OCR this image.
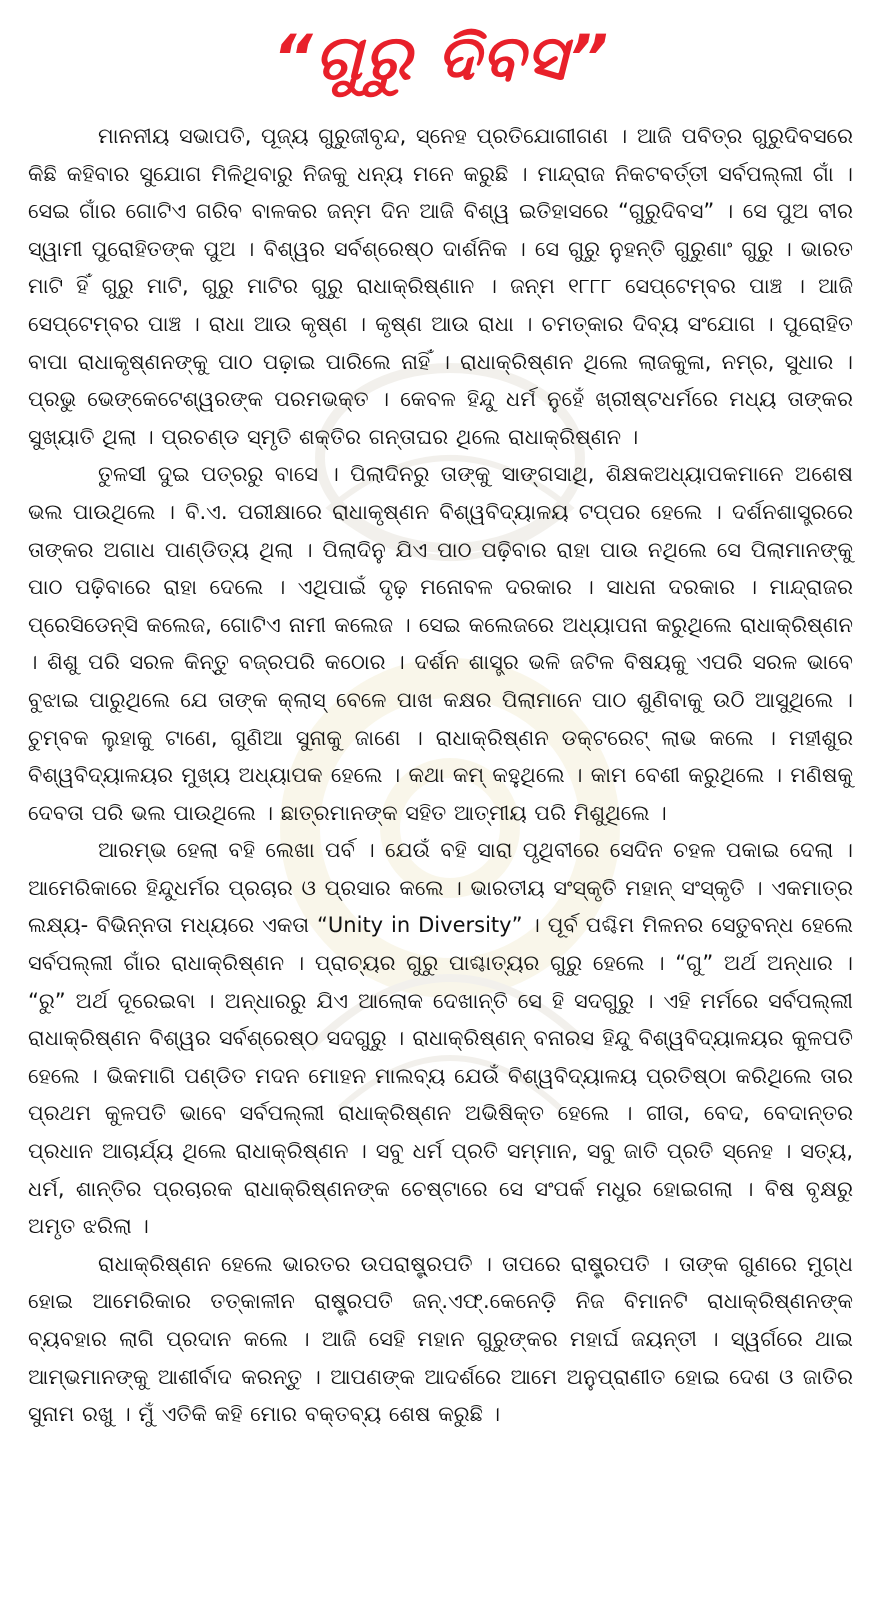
“ଗୁରୁ ଦିବସ”

ମାନନୀୟ ସଭାପତି, ପୂଜ୍ୟ ଗୁରୁଜୀବୃନ୍ଦ, ସ୍ନେହ ପ୍ରତିଯୋଗୀଗଣ । ଆଜି ପବିତ୍ର ଗୁରୁଦିବସରେ କିଛି କହିବାର ସୁଯୋଗ ମିଳିଥିବାରୁ ନିଜକୁ ଧନ୍ୟ ମନେ କରୁଛି । ମାନ୍ଦ୍ରାଜ ନିକଟବର୍ତ୍ତୀ ସର୍ବପଲ୍ଲୀ ଗାଁ । ସେଇ ଗାଁର ଗୋଟିଏ ଗରିବ ବାଳକର ଜନ୍ମ ଦିନ ଆଜି ବିଶ୍ୱ ଇତିହାସରେ “ଗୁରୁଦିବସ” । ସେ ପୁଅ ବୀର ସ୍ୱାମୀ ପୁରୋହିତଙ୍କ ପୁଅ । ବିଶ୍ୱର ସର୍ବଶ୍ରେଷ୍ଠ ଦାର୍ଶନିକ । ସେ ଗୁରୁ ନୁହନ୍ତି ଗୁରୁଣାଂ ଗୁରୁ । ଭାରତ ମାଟି ହିଁ ଗୁରୁ ମାଟି, ଗୁରୁ ମାଟିର ଗୁରୁ ରାଧାକ୍ରିଷ୍ଣାନ । ଜନ୍ମ ୧୮୮୮ ସେପ୍ଟେମ୍ବର ପାଞ୍ଚ । ଆଜି ସେପ୍ଟେମ୍ବର ପାଞ୍ଚ । ରାଧା ଆଉ କୃଷ୍ଣ । କୃଷ୍ଣ ଆଉ ରାଧା । ଚମତ୍କାର ଦିବ୍ୟ ସଂଯୋଗ । ପୁରୋହିତ ବାପା ରାଧାକୃଷ୍ଣନଙ୍କୁ ପାଠ ପଢ଼ାଇ ପାରିଲେ ନାହିଁ । ରାଧାକ୍ରିଷ୍ଣନ ଥିଲେ ଲାଜକୁଳା, ନମ୍ର, ସୁଧାର । ପ୍ରଭୁ ଭେଙ୍କେଟେଶ୍ୱରଙ୍କ ପରମଭକ୍ତ । କେବଳ ହିନ୍ଦୁ ଧର୍ମ ନୁହେଁ ଖ୍ରୀଷ୍ଟଧର୍ମରେ ମଧ୍ୟ ତାଙ୍କର ସୁଖ୍ୟାତି ଥିଲା । ପ୍ରଚଣ୍ଡ ସ୍ମୃତି ଶକ୍ତିର ଗନ୍ତାଘର ଥିଲେ ରାଧାକ୍ରିଷ୍ଣନ ।

ତୁଳସୀ ଦୁଇ ପତ୍ରରୁ ବାସେ । ପିଲାଦିନରୁ ତାଙ୍କୁ ସାଙ୍ଗସାଥି, ଶିକ୍ଷକଅଧ୍ୟାପକମାନେ ଅଶେଷ ଭଲ ପାଉଥିଲେ । ବି.ଏ. ପରୀକ୍ଷାରେ ରାଧାକୃଷ୍ଣନ ବିଶ୍ୱବିଦ୍ୟାଳୟ ଟପ୍ପର ହେଲେ । ଦର୍ଶନଶାସ୍ତ୍ରରେ ତାଙ୍କର ଅଗାଧ ପାଣ୍ଡିତ୍ୟ ଥିଲା । ପିଲାଦିନୁ ଯିଏ ପାଠ ପଢ଼ିବାର ରାହା ପାଉ ନଥିଲେ ସେ ପିଲାମାନଙ୍କୁ ପାଠ ପଢ଼ିବାରେ ରାହା ଦେଲେ । ଏଥିପାଇଁ ଦୃଢ଼ ମନୋବଳ ଦରକାର । ସାଧନା ଦରକାର । ମାନ୍ଦ୍ରାଜର ପ୍ରେସିଡେନ୍ସି କଲେଜ, ଗୋଟିଏ ନାମୀ କଲେଜ । ସେଇ କଲେଜରେ ଅଧ୍ୟାପନା କରୁଥିଲେ ରାଧାକ୍ରିଷ୍ଣନ । ଶିଶୁ ପରି ସରଳ କିନ୍ତୁ ବଜ୍ରପରି କଠୋର । ଦର୍ଶନ ଶାସ୍ତ୍ର ଭଳି ଜଟିଳ ବିଷୟକୁ ଏପରି ସରଳ ଭାବେ ବୁଝାଇ ପାରୁଥିଲେ ଯେ ତାଙ୍କ କ୍ଲାସ୍ ବେଳେ ପାଖ କକ୍ଷର ପିଲାମାନେ ପାଠ ଶୁଣିବାକୁ ଉଠି ଆସୁଥିଲେ । ଚୁମ୍ବକ ଲୁହାକୁ ଟାଣେ, ଗୁଣିଆ ସୁନାକୁ ଜାଣେ । ରାଧାକ୍ରିଷ୍ଣନ ଡକ୍ଟରେଟ୍ ଲାଭ କଲେ । ମହୀଶୁର ବିଶ୍ୱବିଦ୍ୟାଳୟର ମୁଖ୍ୟ ଅଧ୍ୟାପକ ହେଲେ । କଥା କମ୍ କହୁଥିଲେ । କାମ ବେଶୀ କରୁଥିଲେ । ମଣିଷକୁ ଦେବତା ପରି ଭଲ ପାଉଥିଲେ । ଛାତ୍ରମାନଙ୍କ ସହିତ ଆତ୍ମୀୟ ପରି ମିଶୁଥିଲେ ।

ଆରମ୍ଭ ହେଲା ବହି ଲେଖା ପର୍ବ । ଯେଉଁ ବହି ସାରା ପୃଥିବୀରେ ସେଦିନ ଚହଳ ପକାଇ ଦେଲା । ଆମେରିକାରେ ହିନ୍ଦୁଧର୍ମର ପ୍ରଚାର ଓ ପ୍ରସାର କଲେ । ଭାରତୀୟ ସଂସ୍କୃତି ମହାନ୍ ସଂସ୍କୃତି । ଏକମାତ୍ର ଲକ୍ଷ୍ୟ- ବିଭିନ୍ନତା ମଧ୍ୟରେ ଏକତା “Unity in Diversity” । ପୂର୍ବ ପଶ୍ଚିମ ମିଳନର ସେତୁବନ୍ଧ ହେଲେ ସର୍ବପଲ୍ଲୀ ଗାଁର ରାଧାକ୍ରିଷ୍ଣନ । ପ୍ରାଚ୍ୟର ଗୁରୁ ପାଶ୍ଚାତ୍ୟର ଗୁରୁ ହେଲେ । “ଗୁ” ଅର୍ଥ ଅନ୍ଧାର । “ରୁ” ଅର୍ଥ ଦୂରେଇବା । ଅନ୍ଧାରରୁ ଯିଏ ଆଲୋକ ଦେଖାନ୍ତି ସେ ହି ସଦଗୁରୁ । ଏହି ମର୍ମରେ ସର୍ବପଲ୍ଲୀ ରାଧାକ୍ରିଷ୍ଣନ ବିଶ୍ୱର ସର୍ବଶ୍ରେଷ୍ଠ ସଦଗୁରୁ । ରାଧାକ୍ରିଷ୍ଣନ୍ ବନାରସ ହିନ୍ଦୁ ବିଶ୍ୱବିଦ୍ୟାଳୟର କୁଳପତି ହେଲେ । ଭିକମାଗି ପଣ୍ଡିତ ମଦନ ମୋହନ ମାଲବ୍ୟ ଯେଉଁ ବିଶ୍ୱବିଦ୍ୟାଳୟ ପ୍ରତିଷ୍ଠା କରିଥିଲେ ତାର ପ୍ରଥମ କୁଳପତି ଭାବେ ସର୍ବପଲ୍ଲୀ ରାଧାକ୍ରିଷ୍ଣନ ଅଭିଷିକ୍ତ ହେଲେ । ଗୀତା, ବେଦ, ବେଦାନ୍ତର ପ୍ରଧାନ ଆଚାର୍ଯ୍ୟ ଥିଲେ ରାଧାକ୍ରିଷ୍ଣନ । ସବୁ ଧର୍ମ ପ୍ରତି ସମ୍ମାନ, ସବୁ ଜାତି ପ୍ରତି ସ୍ନେହ । ସତ୍ୟ, ଧର୍ମ, ଶାନ୍ତିର ପ୍ରଚାରକ ରାଧାକ୍ରିଷ୍ଣନଙ୍କ ଚେଷ୍ଟାରେ ସେ ସଂପର୍କ ମଧୁର ହୋଇଗଲା । ବିଷ ବୃକ୍ଷରୁ ଅମୃତ ଝରିଲା ।

ରାଧାକ୍ରିଷ୍ଣନ ହେଲେ ଭାରତର ଉପରାଷ୍ଟ୍ରପତି । ତାପରେ ରାଷ୍ଟ୍ରପତି । ତାଙ୍କ ଗୁଣରେ ମୁଗ୍ଧ ହୋଇ ଆମେରିକାର ତତ୍କାଳୀନ ରାଷ୍ଟ୍ରପତି ଜନ୍.ଏଫ୍.କେନେଡ଼ି ନିଜ ବିମାନଟି ରାଧାକ୍ରିଷ୍ଣନଙ୍କ ବ୍ୟବହାର ଲାଗି ପ୍ରଦାନ କଲେ । ଆଜି ସେହି ମହାନ ଗୁରୁଙ୍କର ମହାର୍ଘ ଜୟନ୍ତୀ । ସ୍ୱର୍ଗରେ ଥାଇ ଆମ୍ଭମାନଙ୍କୁ ଆଶୀର୍ବାଦ କରନ୍ତୁ । ଆପଣଙ୍କ ଆଦର୍ଶରେ ଆମେ ଅନୁପ୍ରାଣୀତ ହୋଇ ଦେଶ ଓ ଜାତିର ସୁନାମ ରଖୁ । ମୁଁ ଏତିକି କହି ମୋର ବକ୍ତବ୍ୟ ଶେଷ କରୁଛି ।
